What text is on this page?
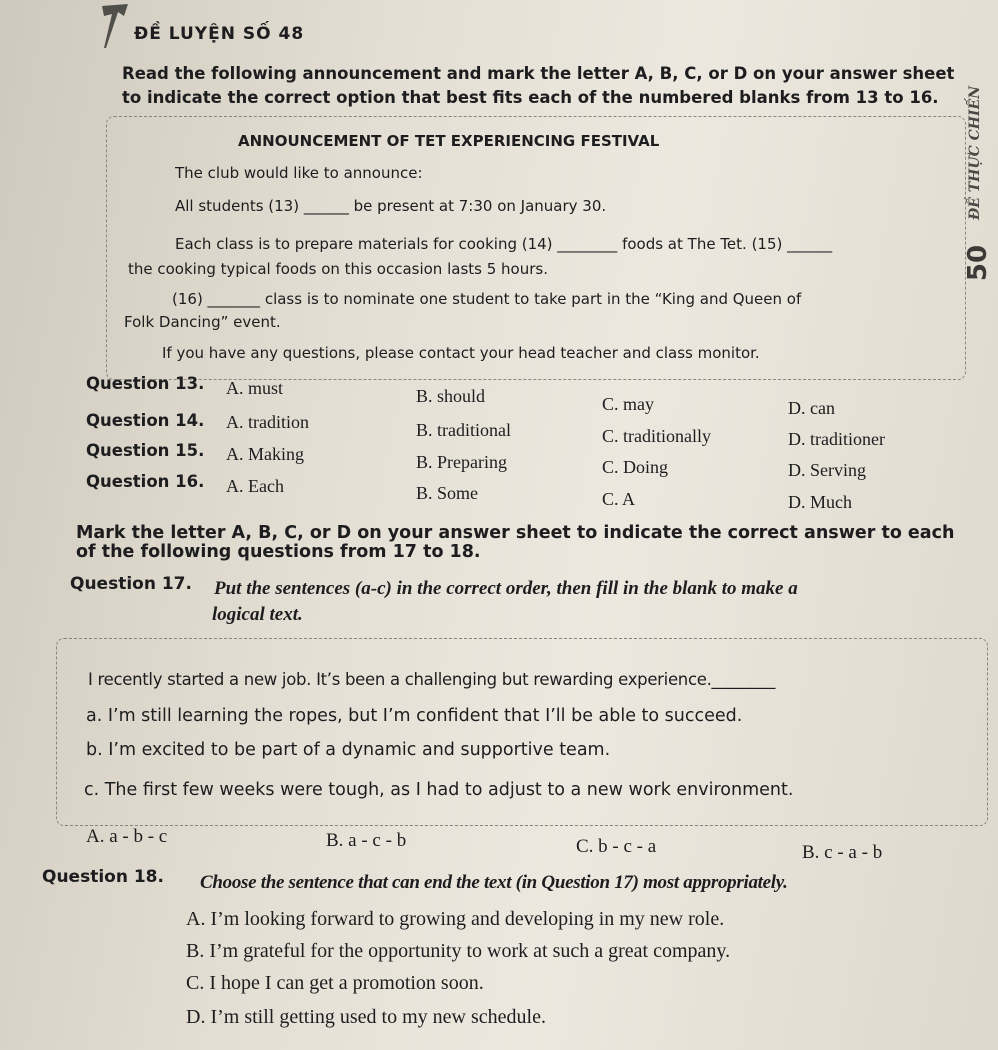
ĐỀ THỰC CHIẾN
50
ĐỀ LUYỆN SỐ 48
Read the following announcement and mark the letter A, B, C, or D on your answer sheet
to indicate the correct option that best fits each of the numbered blanks from 13 to 16.
ANNOUNCEMENT OF TET EXPERIENCING FESTIVAL
The club would like to announce:
All students (13) ______ be present at 7:30 on January 30.
Each class is to prepare materials for cooking (14) ________ foods at The Tet. (15) ______
the cooking typical foods on this occasion lasts 5 hours.
(16) _______ class is to nominate one student to take part in the “King and Queen of
Folk Dancing” event.
If you have any questions, please contact your head teacher and class monitor.
Question 13. A. must	B. should	C. may	D. can
Question 14. A. tradition	B. traditional	C. traditionally	D. traditioner
Question 15. A. Making	B. Preparing	C. Doing	D. Serving
Question 16. A. Each	B. Some	C. A	D. Much
Mark the letter A, B, C, or D on your answer sheet to indicate the correct answer to each
of the following questions from 17 to 18.
Question 17. Put the sentences (a-c) in the correct order, then fill in the blank to make a
logical text.
I recently started a new job. It’s been a challenging but rewarding experience.________
a. I’m still learning the ropes, but I’m confident that I’ll be able to succeed.
b. I’m excited to be part of a dynamic and supportive team.
c. The first few weeks were tough, as I had to adjust to a new work environment.
A. a - b - c	B. a - c - b	C. b - c - a	B. c - a - b
Question 18. Choose the sentence that can end the text (in Question 17) most appropriately.
A. I’m looking forward to growing and developing in my new role.
B. I’m grateful for the opportunity to work at such a great company.
C. I hope I can get a promotion soon.
D. I’m still getting used to my new schedule.
